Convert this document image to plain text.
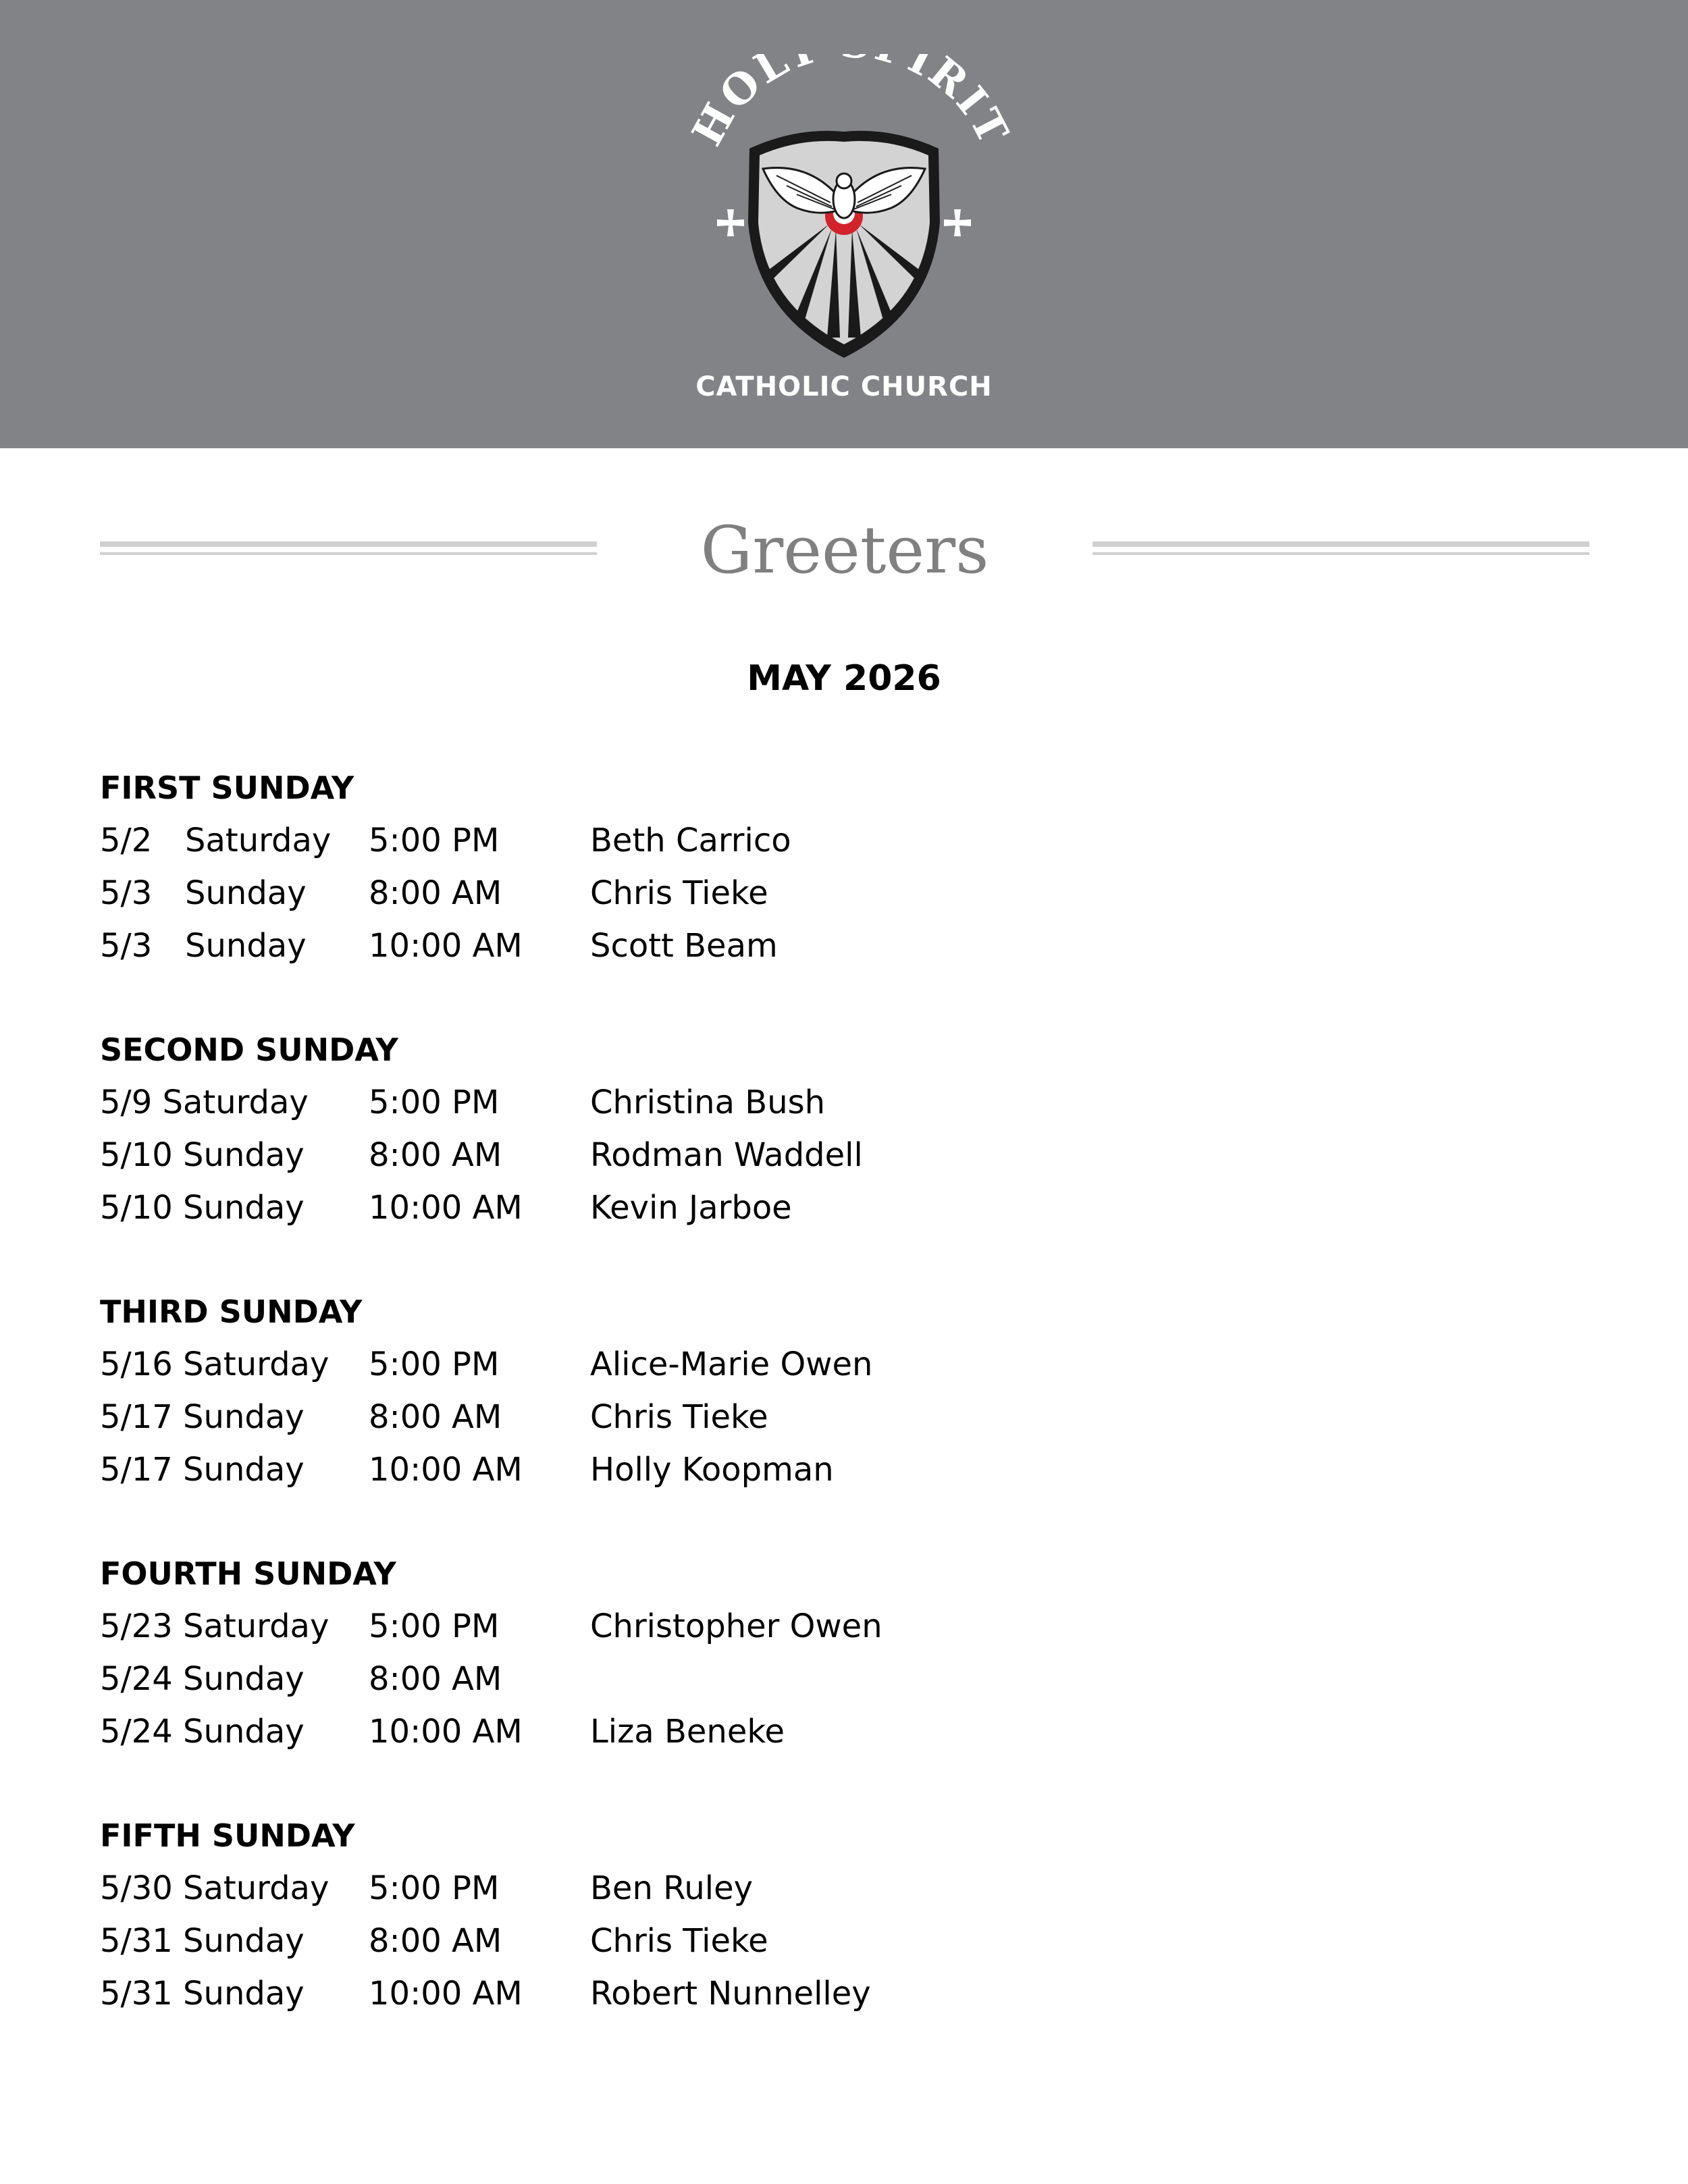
HOL IRI
CATHOLIC CHURCH
Greeters
MAY 2026
FIRST SUNDAY
5/2 Saturday 5:00 PM	Beth Carrico
5/3 Sunday 8:00 AM	Chris Tieke
5/3 Sunday 10:00 AM Scott Beam
SECOND SUNDAY
5/9 Saturday 5:00 PM	Christina Bush
5/10 Sunday 8:00 AM	Rodman Waddell
5/10 Sunday 10:00 AM Kevin Jarboe
THIRD SUNDAY
5/16 Saturday 5:00 PM	Alice-Marie Owen
5/17 Sunday 8:00 AM	Chris Tieke
5/17 Sunday 10:00 AM Holly Koopman
FOURTH SUNDAY
5/23 Saturday 5:00 PM	Christopher Owen
5/24 Sunday 8:00 AM
5/24 Sunday 10:00 AM Liza Beneke
FIFTH SUNDAY
5/30 Saturday 5:00 PM	Ben Ruley
5/31 Sunday 8:00 AM	Chris Tieke
5/31 Sunday 10:00 AM Robert Nunnelley
